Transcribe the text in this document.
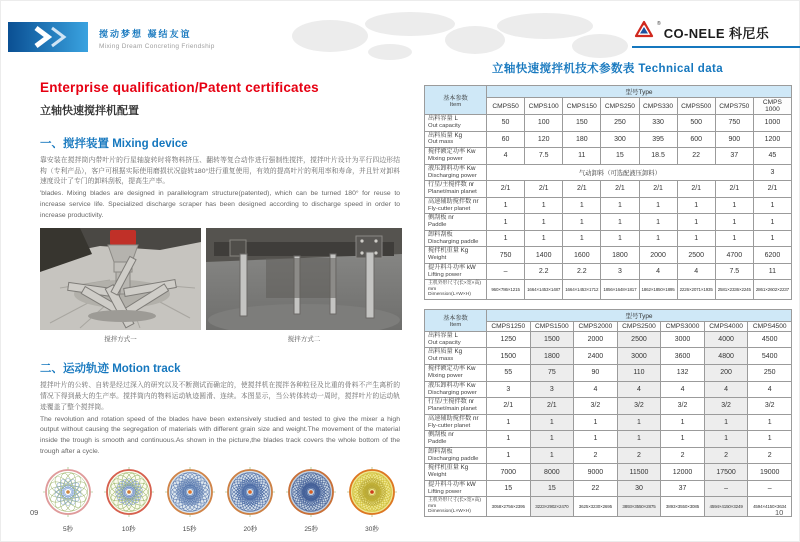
搅动梦想 凝结友谊
Mixing Dream Concreting Friendship
®
CO-NELE 科尼乐
Enterprise qualification/Patent certificates
立轴快速搅拌机配置
一、搅拌装置 Mixing device

靠安装在搅拌筒内带叶片的行星轴旋转时将物料挤压、翻转等复合动作进行强制性搅拌，搅拌叶片设计为平行四边形结构（专利产品），客户可根据实际使用磨损状况旋转180°进行重复使用，有效的提高叶片的利用率和寿命，并且针对卸料速度设计了专门的卸料刮板，提高生产率。

'blades. Mixing blades are designed in parallelogram structure(patented), which can be turned 180° for reuse to increase service life. Specialized discharge scraper has been designed according to discharge speed in order to increase productivity.

搅拌方式一	搅拌方式二
二、运动轨迹 Motion track

搅拌叶片的公转、自转是经过深入的研究以及不断测试而确定的，使搅拌机在搅拌各种粒径及比重的骨料不产生离析的情况下得到最大的生产率。搅拌筒内的物料运动轨迹圆滑、连续。本图显示，当公转体转动一周时，搅拌叶片的运动轨迹覆盖了整个搅拌筒。

The revolution and rotation speed of the blades have been extensively studied and tested to give the mixer a high output without causing the segregation of materials with different grain size and weight.The movement of the material inside the trough is smooth and continuous.As shown in the picture,the blades track covers the whole bottom of the trough after a cycle.

5秒	10秒	15秒	20秒	25秒	30秒
立轴快速搅拌机技术参数表 Technical data
基本参数
Item	型号Type							
	CMPS50	CMPS100	CMPS150	CMPS250	CMPS330	CMPS500	CMPS750	CMPS 1000

出料容量 L
Out capacity	50	100	150	250	330	500	750	1000

出料质量 Kg
Out mass	60	120	180	300	395	600	900	1200

搅拌额定功率 Kw
Mixing power	4	7.5	11	15	18.5	22	37	45

液压卸料功率 Kw
Discharging power	气动卸料（可选配液压卸料）							3

行星/主搅拌数 nr
Planet/main planet	2/1	2/1	2/1	2/1	2/1	2/1	2/1	2/1

高速辅助搅拌数 nr
Fly-cutter planet	1	1	1	1	1	1	1	1

侧刮板 nr
Paddle	1	1	1	1	1	1	1	1

卸料刮板
Discharging paddle	1	1	1	1	1	1	1	1

搅拌机重量 Kg
Weight	750	1400	1600	1800	2000	2500	4700	6200

提升料斗功率 kW
Lifting power	–	2.2	2.2	3	4	4	7.5	11

主机外形尺寸(长×宽×高) mm
Dimension(L×W×H)	960×786×1215	1664×1453×1487	1664×1453×1712	1856×1648×1817	1862×1850×1895	2226×2071×1935	2581×2336×2245	2861×2602×2237
基本参数
Item	型号Type						
	CMPS1250	CMPS1500	CMPS2000	CMPS2500	CMPS3000	CMPS4000	CMPS4500

出料容量 L
Out capacity	1250	1500	2000	2500	3000	4000	4500

出料质量 Kg
Out mass	1500	1800	2400	3000	3600	4800	5400

搅拌额定功率 Kw
Mixing power	55	75	90	110	132	200	250

液压卸料功率 Kw
Discharging power	3	3	4	4	4	4	4

行星/主搅拌数 nr
Planet/main planet	2/1	2/1	3/2	3/2	3/2	3/2	3/2

高速辅助搅拌数 nr
Fly-cutter planet	1	1	1	1	1	1	1

侧刮板 nr
Paddle	1	1	1	1	1	1	1

卸料刮板
Discharging paddle	1	1	2	2	2	2	2

搅拌机重量 Kg
Weight	7000	8000	9000	11500	12000	17500	19000

提升料斗功率 kW
Lifting power	15	15	22	30	37	–	–

主机外形尺寸(长×宽×高) mm
Dimension(L×W×H)	3058×2756×2395	3223×2902×2470	3625×3230×2695	3893×3550×2875	3893×3550×3085	4594×4150×3249	4594×4150×3634
09	10
